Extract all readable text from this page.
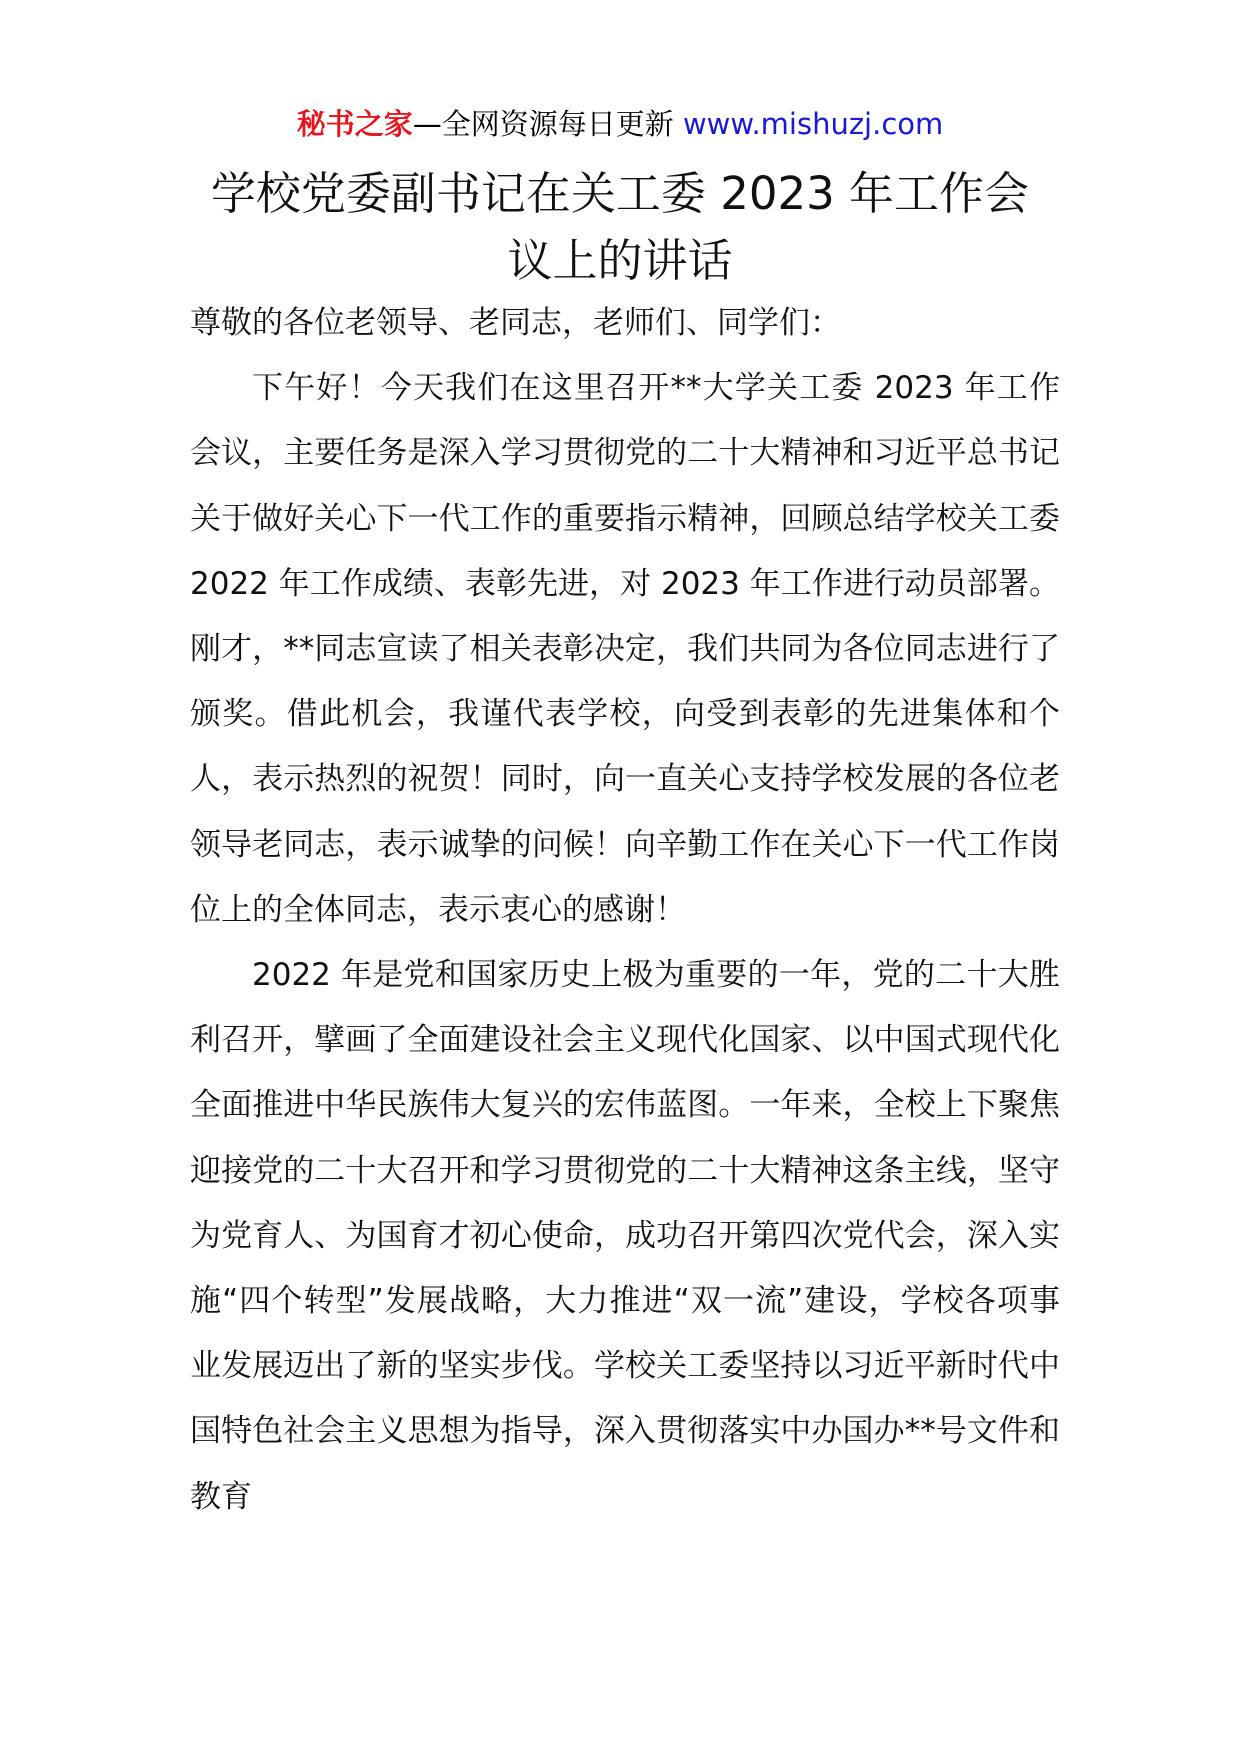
秘书之家—全网资源每日更新 www.mishuzj.com
学校党委副书记在关工委 2023 年工作会议上的讲话

尊敬的各位老领导、老同志，老师们、同学们：

下午好！今天我们在这里召开**大学关工委 2023 年工作会议，主要任务是深入学习贯彻党的二十大精神和习近平总书记关于做好关心下一代工作的重要指示精神，回顾总结学校关工委 2022 年工作成绩、表彰先进，对 2023 年工作进行动员部署。刚才，**同志宣读了相关表彰决定，我们共同为各位同志进行了颁奖。借此机会，我谨代表学校，向受到表彰的先进集体和个人，表示热烈的祝贺！同时，向一直关心支持学校发展的各位老领导老同志，表示诚挚的问候！向辛勤工作在关心下一代工作岗位上的全体同志，表示衷心的感谢！

2022 年是党和国家历史上极为重要的一年，党的二十大胜利召开，擘画了全面建设社会主义现代化国家、以中国式现代化全面推进中华民族伟大复兴的宏伟蓝图。一年来，全校上下聚焦迎接党的二十大召开和学习贯彻党的二十大精神这条主线，坚守为党育人、为国育才初心使命，成功召开第四次党代会，深入实施“四个转型”发展战略，大力推进“双一流”建设，学校各项事业发展迈出了新的坚实步伐。学校关工委坚持以习近平新时代中国特色社会主义思想为指导，深入贯彻落实中办国办**号文件和教育
